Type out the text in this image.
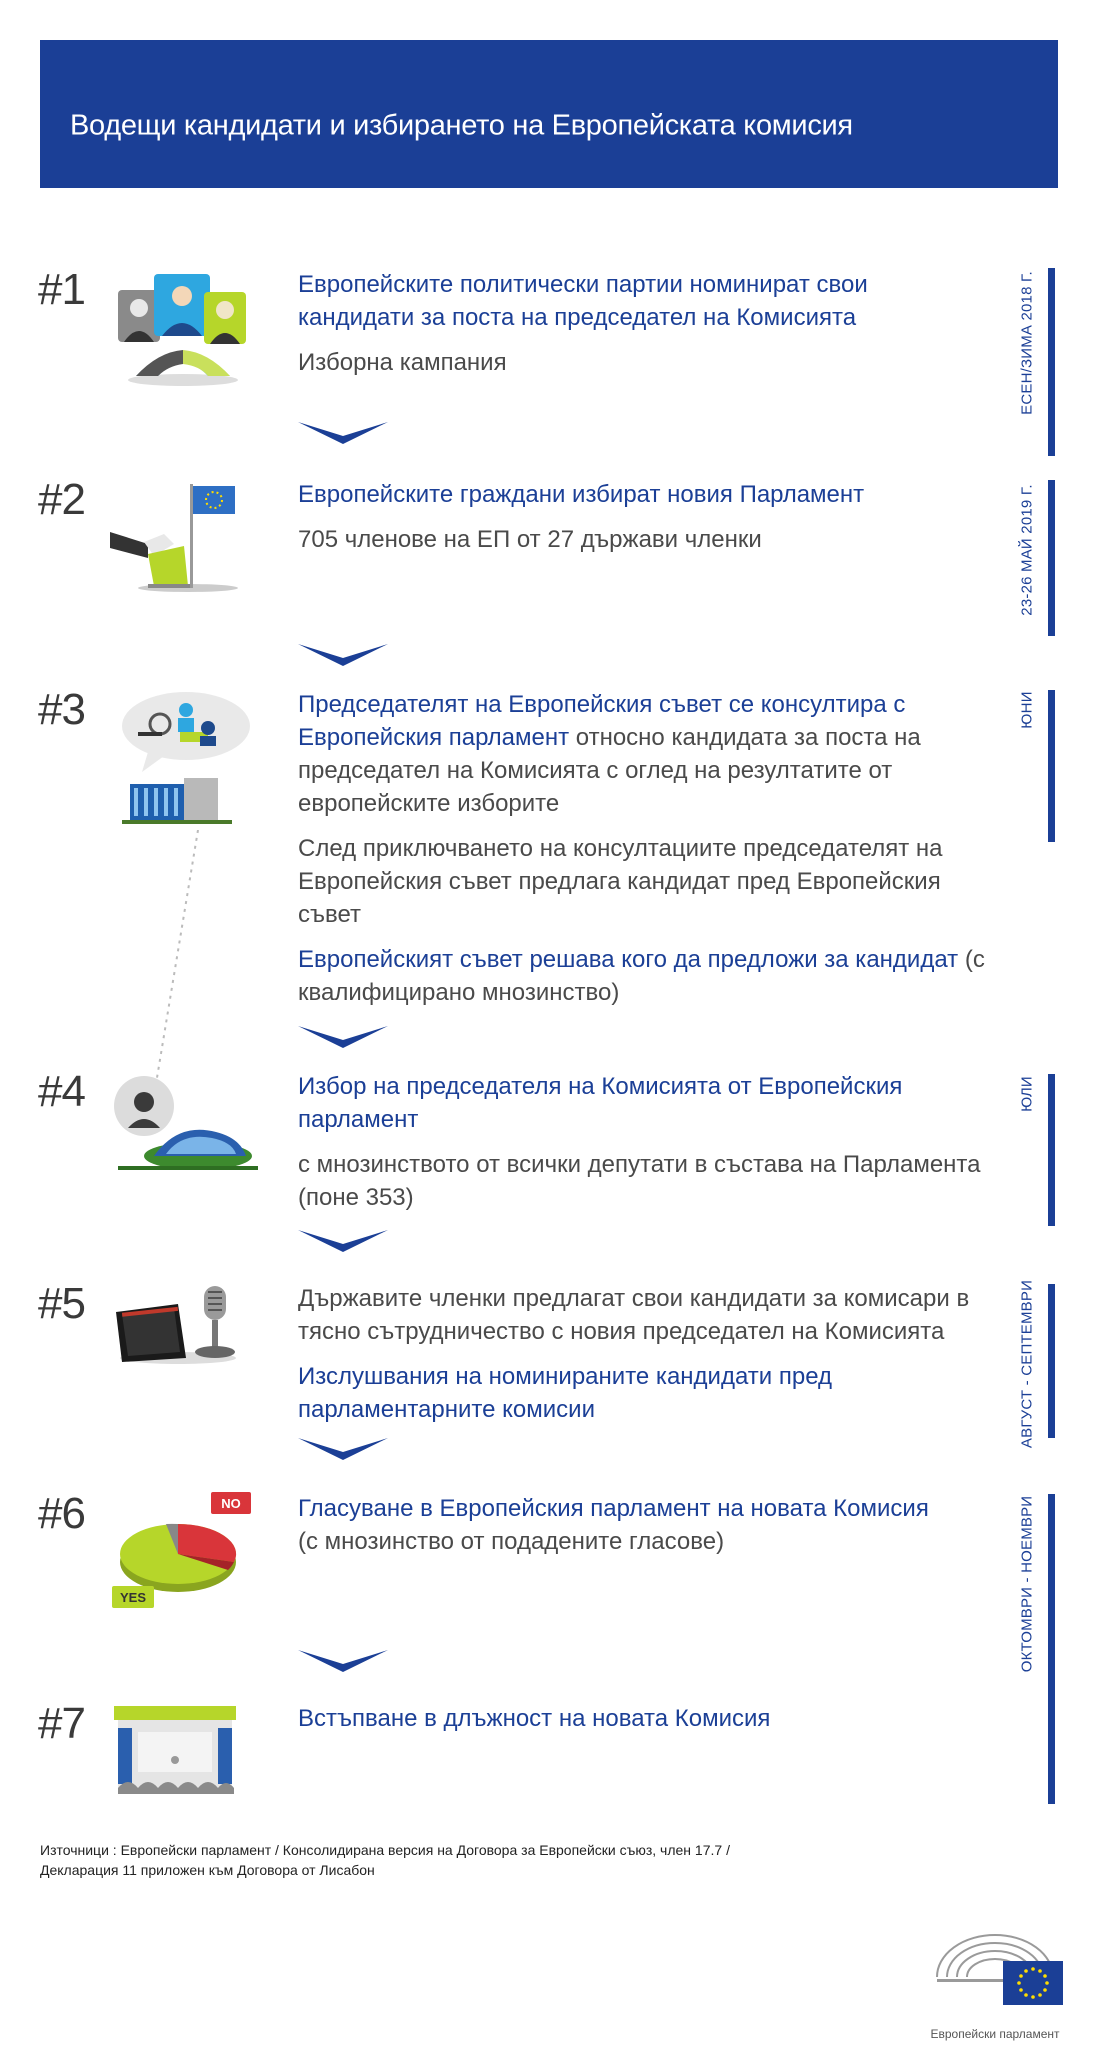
Водещи кандидати и избирането на Европейската комисия
#1	Европейските политически партии номинират свои кандидати за поста на председател на Комисията

Изборна кампания

#2	Европейските граждани избират новия Парламент

705 членове на ЕП от 27 държави членки

#3	Председателят на Европейския съвет се консултира с Европейския парламент относно кандидата за поста на председател на Комисията с оглед на резултатите от европейските изборите

След приключването на консултациите председателят на Европейския съвет предлага кандидат пред Европейския съвет

Европейският съвет решава кого да предложи за кандидат (с квалифицирано мнозинство)

#4	Избор на председателя на Комисията от Европейския парламент

с мнозинството от всички депутати в състава на Парламента (поне 353)

#5	Държавите членки предлагат свои кандидати за комисари в тясно сътрудничество с новия председател на Комисията

Изслушвания на номинираните кандидати пред парламентарните комисии

#6	NO
YES

Гласуване в Европейския парламент на новата Комисия

(с мнозинство от подадените гласове)

#7	Встъпване в длъжност на новата Комисия

ЕСЕН/ЗИМА 2018 Г.
23-26 МАЙ 2019 Г.
ЮНИ
ЮЛИ
АВГУСТ - СЕПТЕМВРИ
ОКТОМВРИ - НОЕМВРИ
Източници : Европейски парламент / Консолидирана версия на Договора за Европейски съюз, член 17.7 /
Декларация 11 приложен към Договора от Лисабон
Европейски парламент
